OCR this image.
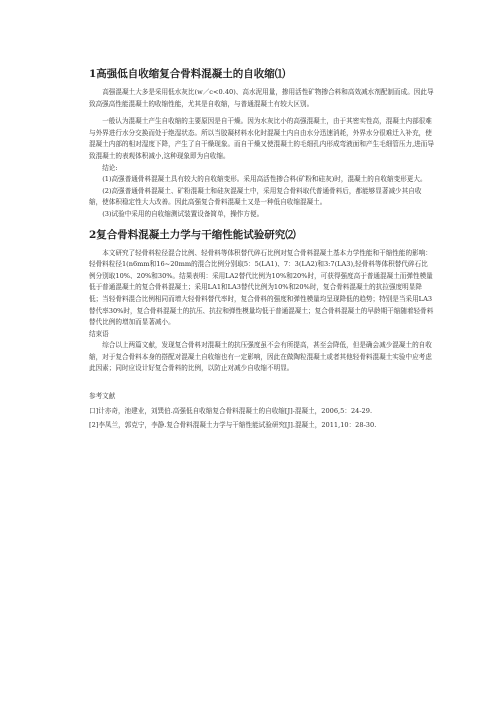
1高强低自收缩复合骨料混凝土的自收缩⑴

高强混凝土大多是采用低水灰比(w／c<0.40)、高水泥用量，掺用活性矿物掺合料和高效减水剂配制而成。因此导致高强高性能混凝土的收缩性能，尤其是自收缩，与普通混凝土有较大区别。

一般认为混凝土产生自收缩的主要原因是自干燥。因为水灰比小的高强混凝土，由于其密实性高，混凝土内部很难与外界进行水分交换而处于绝湿状态。所以当胶凝材料水化时混凝土内自由水分迅速消耗，外界水分很难迁入补充，使混凝土内部的相对湿度下降，产生了自干燥现象。而自干燥又使混凝土的毛细孔内形成弯液面和产生毛细管压力,进而导致混凝土的表观体积减小,这种现象即为自收缩。

结论:

(1)高强普通骨料混凝土具有较大的自收缩变形。采用高活性掺合料(矿粉和硅灰)时，混凝土的自收缩变形更大。

(2)高强普通骨料混凝土、矿粉混凝土和硅灰混凝土中，采用复合骨料取代普通骨料后，都能够显著减少其自收缩，使体积稳定性大大改善。因此高强复合骨料混凝土又是一种低自收缩混凝土。

(3)试验中采用的自收缩测试装置设备简单，操作方便。

2复合骨料混凝土力学与干缩性能试验研究⑵

本文研究了轻骨料粒径混合比例、轻骨料等体积替代碎石比例对复合骨料混凝土基本力学性能和干缩性能的影响：轻骨料粒径1(n6mm和16~20mm的混合比例分别取5：5(LA1)、7：3(LA2)和3:7(LA3),轻骨料等体积替代碎石比例分别取10%、20%和30%。结果表明：采用LA2替代比例为10%和20%时，可获得强度高于普通混凝土而弹性模量低于普通混凝土的复合骨料混凝土；采用LA1和LA3替代比例为10%和20%时，复合骨料混凝土的抗拉强度明显降低；当轻骨料混合比例相同而增大轻骨料替代率时，复合骨料的强度和弹性模量均呈现降低的趋势；特别是当采用LA3替代率30%时，复合骨料混凝土的抗压、抗拉和弹性模量均低于普通混凝土；复合骨料混凝土的早龄期干缩随着轻骨料替代比例的增加而显著减小。

结束语

综合以上两篇文献，发现复合骨料对混凝土的抗压强度虽不会有所提高，甚至会降低，但是确会减少混凝土的自收缩，对于复合骨料本身的搭配对混凝土自收缩也有一定影响，因此在做陶粒混凝土或者其他轻骨料混凝土实验中应考虑此因素；同时应设计好复合骨料的比例，以防止对减少自收缩不明显。

参考文献

口]计亦奇，池建业，刘巽伯.高强低自收缩复合骨料混凝土的自收缩[J]-混凝土，2006,5：24-29.

[2]李凤兰，郭克宁，李静.复合骨料混凝土力学与干缩性能试验研究[J].混凝土，2011,10：28-30.
